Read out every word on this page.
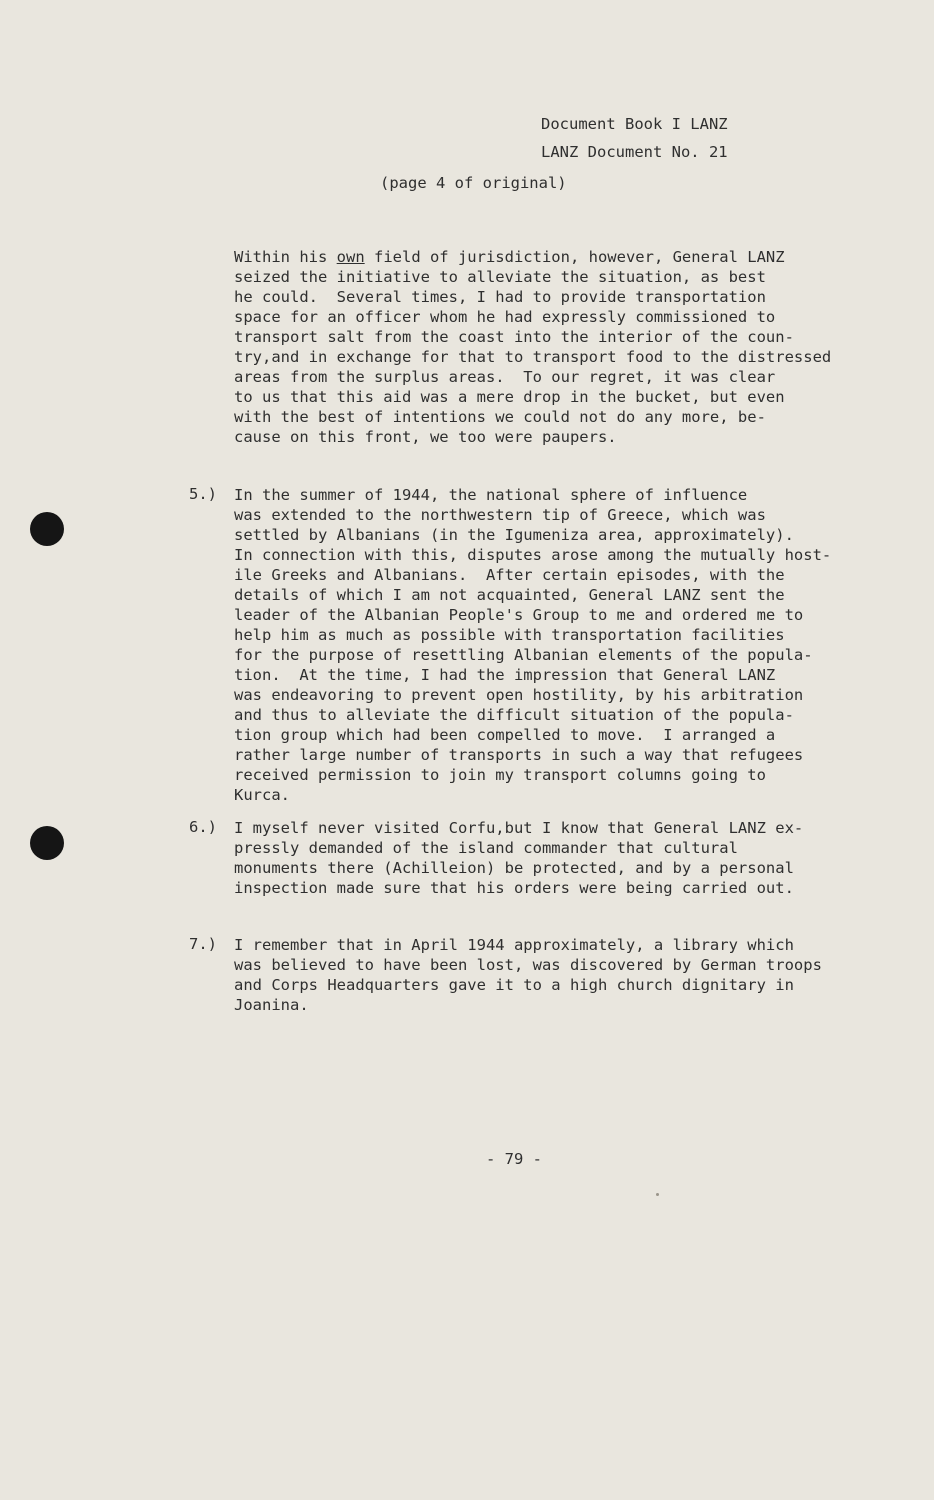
Document Book I LANZ
LANZ Document No. 21
(page 4 of original)
Within his own field of jurisdiction, however, General LANZ
seized the initiative to alleviate the situation, as best
he could.  Several times, I had to provide transportation
space for an officer whom he had expressly commissioned to
transport salt from the coast into the interior of the coun-
try,and in exchange for that to transport food to the distressed
areas from the surplus areas.  To our regret, it was clear
to us that this aid was a mere drop in the bucket, but even
with the best of intentions we could not do any more, be-
cause on this front, we too were paupers.
5.) In the summer of 1944, the national sphere of influence
was extended to the northwestern tip of Greece, which was
settled by Albanians (in the Igumeniza area, approximately).
In connection with this, disputes arose among the mutually host-
ile Greeks and Albanians.  After certain episodes, with the
details of which I am not acquainted, General LANZ sent the
leader of the Albanian People's Group to me and ordered me to
help him as much as possible with transportation facilities
for the purpose of resettling Albanian elements of the popula-
tion.  At the time, I had the impression that General LANZ
was endeavoring to prevent open hostility, by his arbitration
and thus to alleviate the difficult situation of the popula-
tion group which had been compelled to move.  I arranged a
rather large number of transports in such a way that refugees
received permission to join my transport columns going to
Kurca.
6.) I myself never visited Corfu,but I know that General LANZ ex-
pressly demanded of the island commander that cultural
monuments there (Achilleion) be protected, and by a personal
inspection made sure that his orders were being carried out.
7.) I remember that in April 1944 approximately, a library which
was believed to have been lost, was discovered by German troops
and Corps Headquarters gave it to a high church dignitary in
Joanina.
- 79 -
